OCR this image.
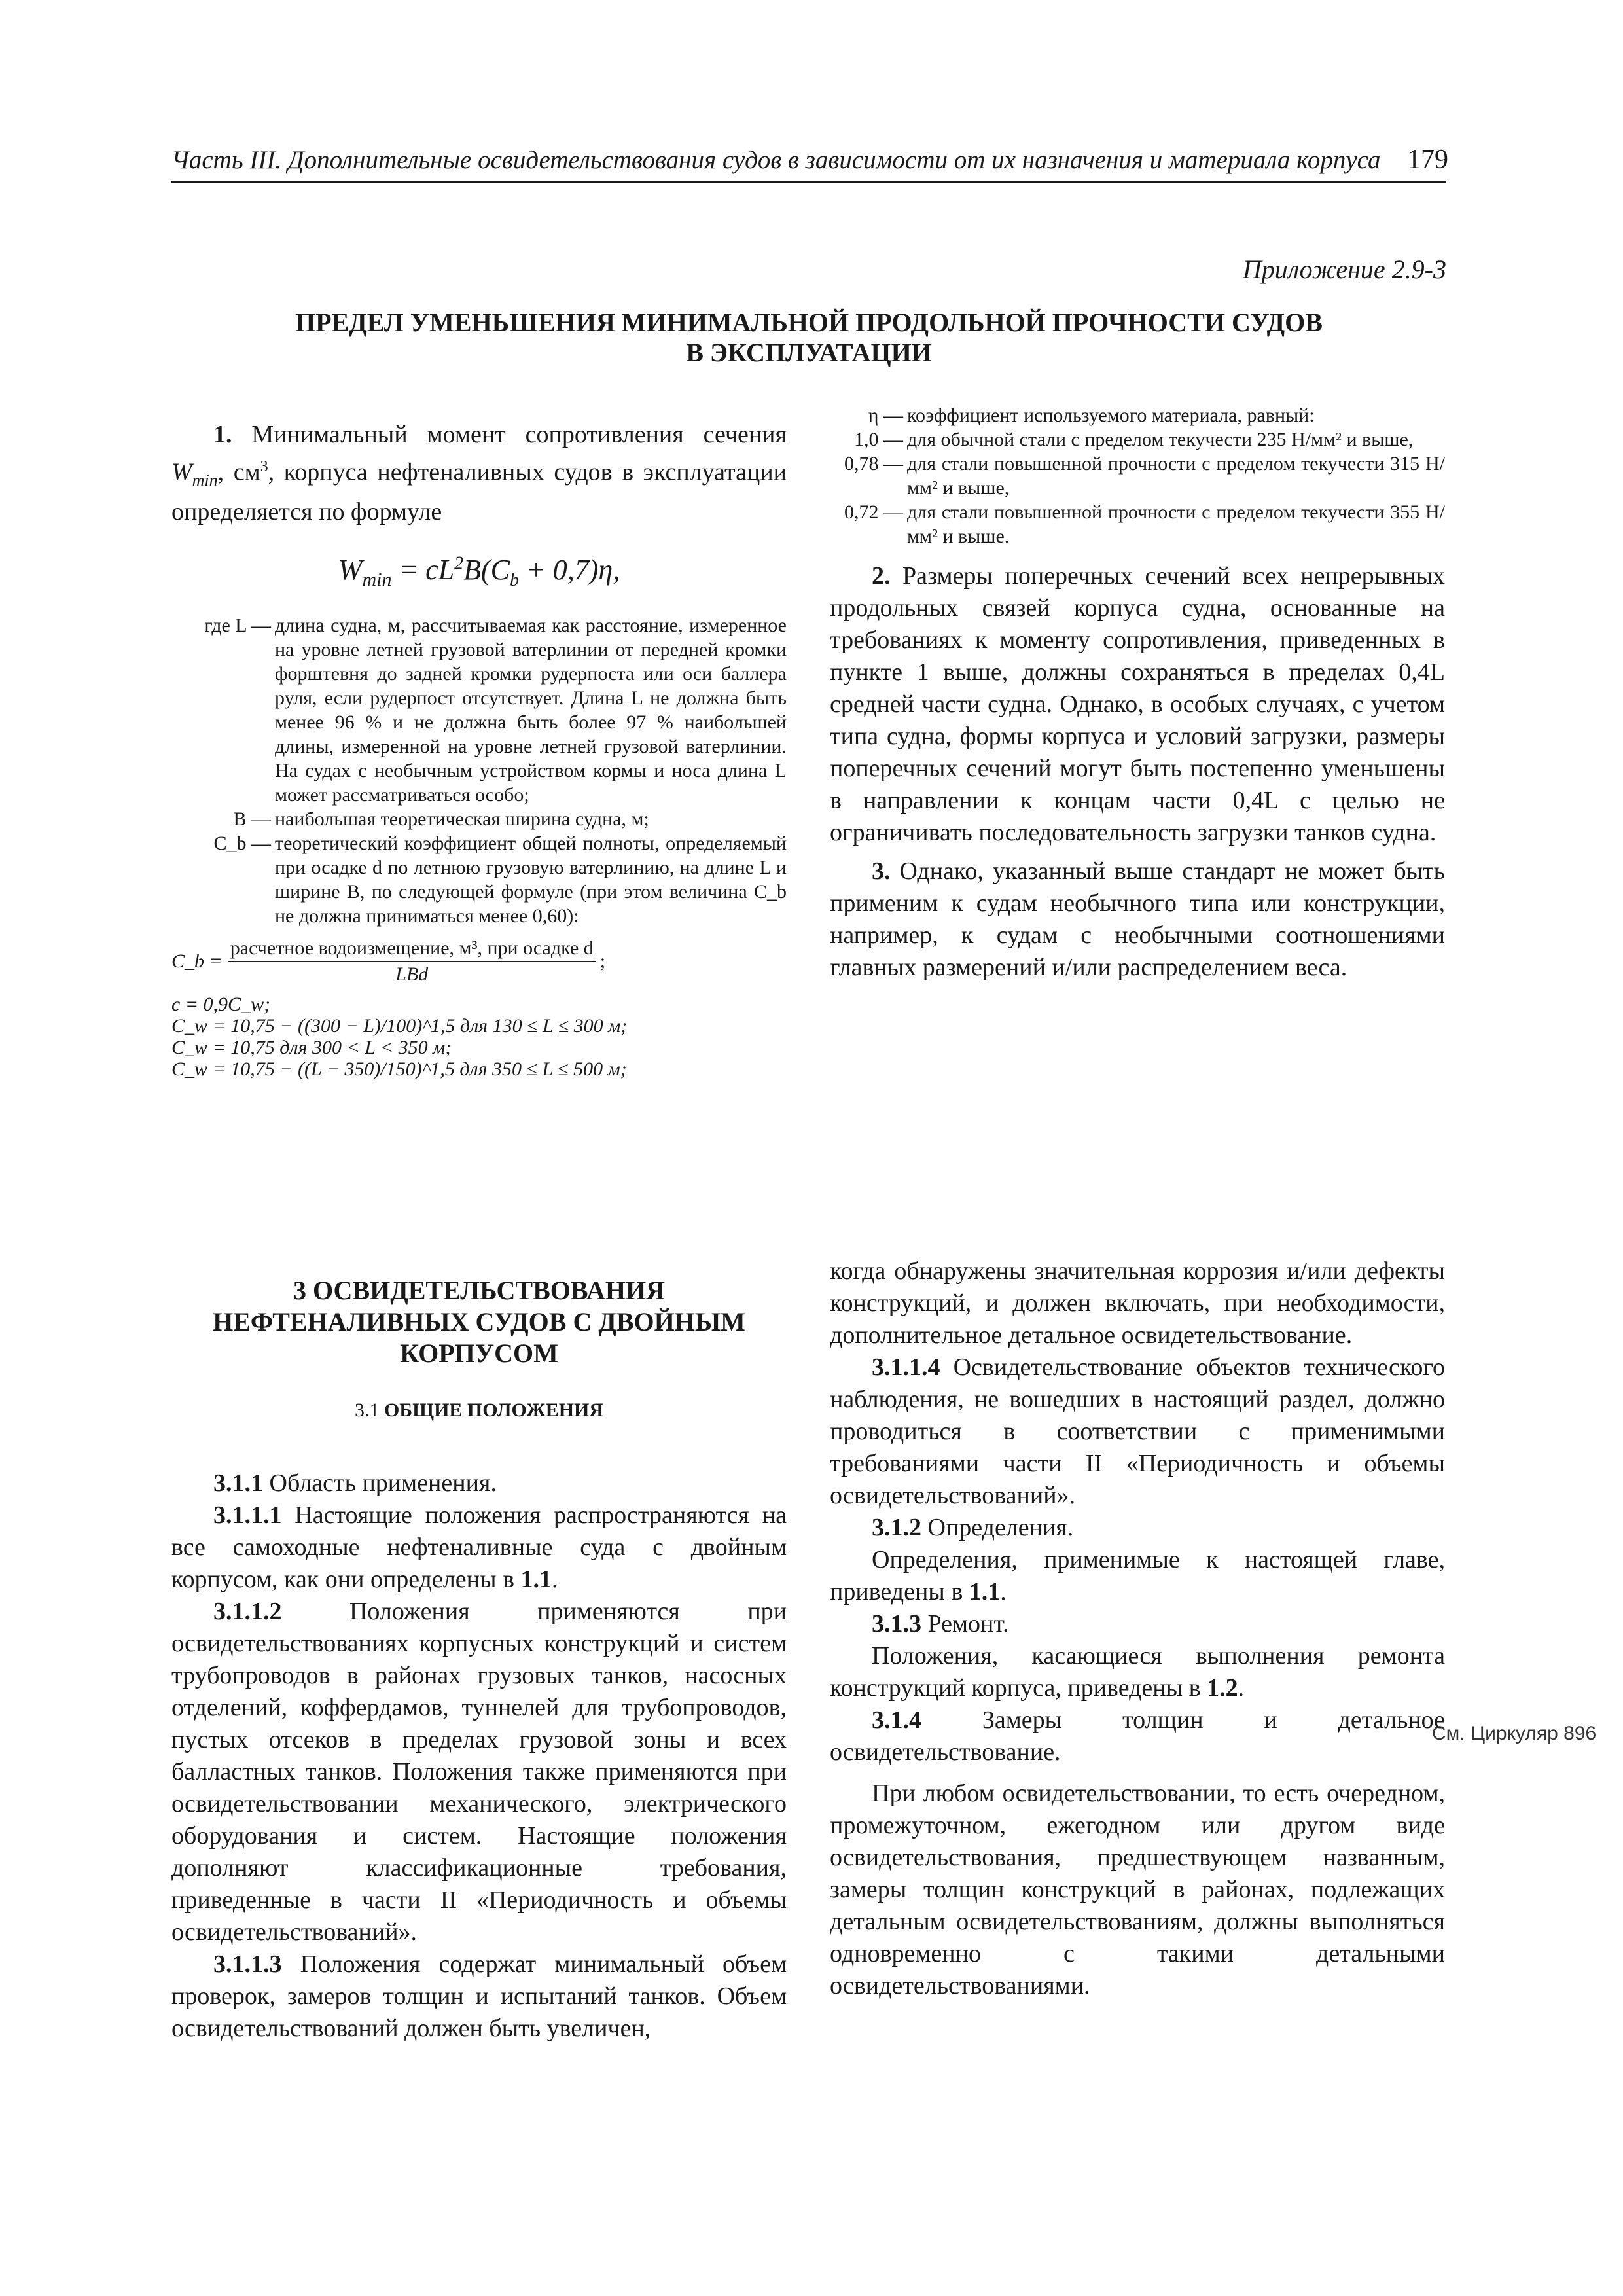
Часть III. Дополнительные освидетельствования судов в зависимости от их назначения и материала корпуса 179
Приложение 2.9-3
ПРЕДЕЛ УМЕНЬШЕНИЯ МИНИМАЛЬНОЙ ПРОДОЛЬНОЙ ПРОЧНОСТИ СУДОВ
В ЭКСПЛУАТАЦИИ

1. Минимальный момент сопротивления сечения $W_{min}$, $см^3$, корпуса нефтеналивных судов в эксплуатации определяется по формуле

$W_{min} = cL^2B(C_b + 0,7)\eta$,
где L — длина судна, м, рассчитываемая как расстояние, измеренное на уровне летней грузовой ватерлинии от передней кромки форштевня до задней кромки рудерпоста или оси баллера руля, если рудерпост отсутствует. Длина L не должна быть менее 96 % и не должна быть более 97 % наибольшей длины, измеренной на уровне летней грузовой ватерлинии. На судах с необычным устройством кормы и носа длина L может рассматриваться особо;
B — наибольшая теоретическая ширина судна, м;
C_b — теоретический коэффициент общей полноты, определяемый при осадке d по летнюю грузовую ватерлинию, на длине L и ширине B, по следующей формуле (при этом величина C_b не должна приниматься менее 0,60):
C_b = $\frac{\text{расчетное водоизмещение, м³, при осадке d}}{\text{LBd}}$ ;
c = 0,9C_w;
C_w = 10,75 − ((300 − L)/100)^1,5 для 130 ≤ L ≤ 300 м;
C_w = 10,75 для 300 < L < 350 м;
C_w = 10,75 − ((L − 350)/150)^1,5 для 350 ≤ L ≤ 500 м;
η — коэффициент используемого материала, равный:
1,0 — для обычной стали с пределом текучести 235 Н/мм² и выше,
0,78 — для стали повышенной прочности с пределом текучести 315 Н/мм² и выше,
0,72 — для стали повышенной прочности с пределом текучести 355 Н/мм² и выше.

2. Размеры поперечных сечений всех непрерывных продольных связей корпуса судна, основанные на требованиях к моменту сопротивления, приведенных в пункте 1 выше, должны сохраняться в пределах 0,4L средней части судна. Однако, в особых случаях, с учетом типа судна, формы корпуса и условий загрузки, размеры поперечных сечений могут быть постепенно уменьшены в направлении к концам части 0,4L с целью не ограничивать последовательность загрузки танков судна.

3. Однако, указанный выше стандарт не может быть применим к судам необычного типа или конструкции, например, к судам с необычными соотношениями главных размерений и/или распределением веса.

3 ОСВИДЕТЕЛЬСТВОВАНИЯ НЕФТЕНАЛИВНЫХ СУДОВ С ДВОЙНЫМ КОРПУСОМ

3.1 ОБЩИЕ ПОЛОЖЕНИЯ

3.1.1 Область применения.

3.1.1.1 Настоящие положения распространяются на все самоходные нефтеналивные суда с двойным корпусом, как они определены в 1.1.

3.1.1.2 Положения применяются при освидетельствованиях корпусных конструкций и систем трубопроводов в районах грузовых танков, насосных отделений, коффердамов, туннелей для трубопроводов, пустых отсеков в пределах грузовой зоны и всех балластных танков. Положения также применяются при освидетельствовании механического, электрического оборудования и систем. Настоящие положения дополняют классификационные требования, приведенные в части II «Периодичность и объемы освидетельствований».

3.1.1.3 Положения содержат минимальный объем проверок, замеров толщин и испытаний танков. Объем освидетельствований должен быть увеличен,

когда обнаружены значительная коррозия и/или дефекты конструкций, и должен включать, при необходимости, дополнительное детальное освидетельствование.

3.1.1.4 Освидетельствование объектов технического наблюдения, не вошедших в настоящий раздел, должно проводиться в соответствии с применимыми требованиями части II «Периодичность и объемы освидетельствований».

3.1.2 Определения.

Определения, применимые к настоящей главе, приведены в 1.1.

3.1.3 Ремонт.

Положения, касающиеся выполнения ремонта конструкций корпуса, приведены в 1.2.

3.1.4 Замеры толщин и детальное освидетельствование.

При любом освидетельствовании, то есть очередном, промежуточном, ежегодном или другом виде освидетельствования, предшествующем названным, замеры толщин конструкций в районах, подлежащих детальным освидетельствованиям, должны выполняться одновременно с такими детальными освидетельствованиями.

См. Циркуляр 896
